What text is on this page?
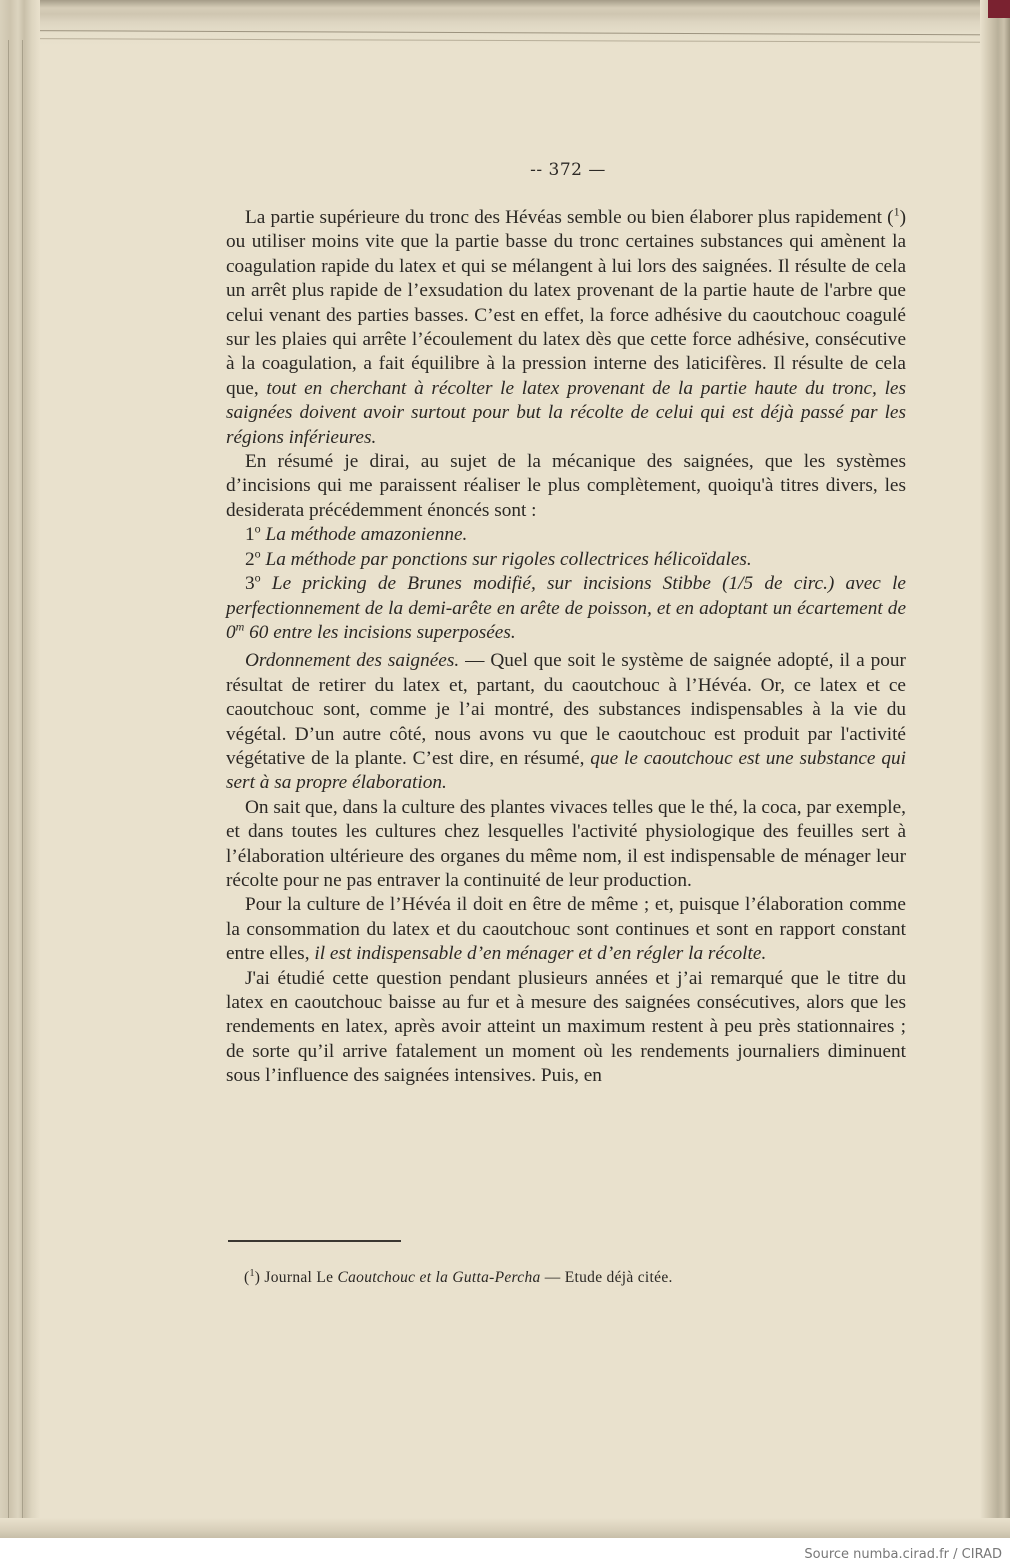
-- 372 —

La partie supérieure du tronc des Hévéas semble ou bien élaborer plus rapidement ($^1$) ou utiliser moins vite que la partie basse du tronc certaines substances qui amènent la coagulation rapide du latex et qui se mélangent à lui lors des saignées. Il résulte de cela un arrêt plus rapide de l’exsudation du latex provenant de la partie haute de l'arbre que celui venant des parties basses. C’est en effet, la force adhésive du caoutchouc coagulé sur les plaies qui arrête l’écoulement du latex dès que cette force adhésive, consécutive à la coagulation, a fait équilibre à la pression interne des laticifères. Il résulte de cela que, tout en cherchant à récolter le latex provenant de la partie haute du tronc, les saignées doivent avoir surtout pour but la récolte de celui qui est déjà passé par les régions inférieures.

En résumé je dirai, au sujet de la mécanique des saignées, que les systèmes d’incisions qui me paraissent réaliser le plus complètement, quoiqu'à titres divers, les desiderata précédemment énoncés sont :

1$^o$ La méthode amazonienne.

2$^o$ La méthode par ponctions sur rigoles collectrices hélicoïdales.

3$^o$ Le pricking de Brunes modifié, sur incisions Stibbe (1/5 de circ.) avec le perfectionnement de la demi-arête en arête de poisson, et en adoptant un écartement de 0$^m$ 60 entre les incisions superposées.

Ordonnement des saignées. — Quel que soit le système de saignée adopté, il a pour résultat de retirer du latex et, partant, du caoutchouc à l’Hévéa. Or, ce latex et ce caoutchouc sont, comme je l’ai montré, des substances indispensables à la vie du végétal. D’un autre côté, nous avons vu que le caoutchouc est produit par l'activité végétative de la plante. C’est dire, en résumé, que le caoutchouc est une substance qui sert à sa propre élaboration.

On sait que, dans la culture des plantes vivaces telles que le thé, la coca, par exemple, et dans toutes les cultures chez lesquelles l'activité physiologique des feuilles sert à l’élaboration ultérieure des organes du même nom, il est indispensable de ménager leur récolte pour ne pas entraver la continuité de leur production.

Pour la culture de l’Hévéa il doit en être de même ; et, puisque l’élaboration comme la consommation du latex et du caoutchouc sont continues et sont en rapport constant entre elles, il est indispensable d’en ménager et d’en régler la récolte.

J'ai étudié cette question pendant plusieurs années et j’ai remarqué que le titre du latex en caoutchouc baisse au fur et à mesure des saignées consécutives, alors que les rendements en latex, après avoir atteint un maximum restent à peu près stationnaires ; de sorte qu’il arrive fatalement un moment où les rendements journaliers diminuent sous l’influence des saignées intensives. Puis, en

($^1$) Journal Le Caoutchouc et la Gutta-Percha — Etude déjà citée.
Source numba.cirad.fr / CIRAD
